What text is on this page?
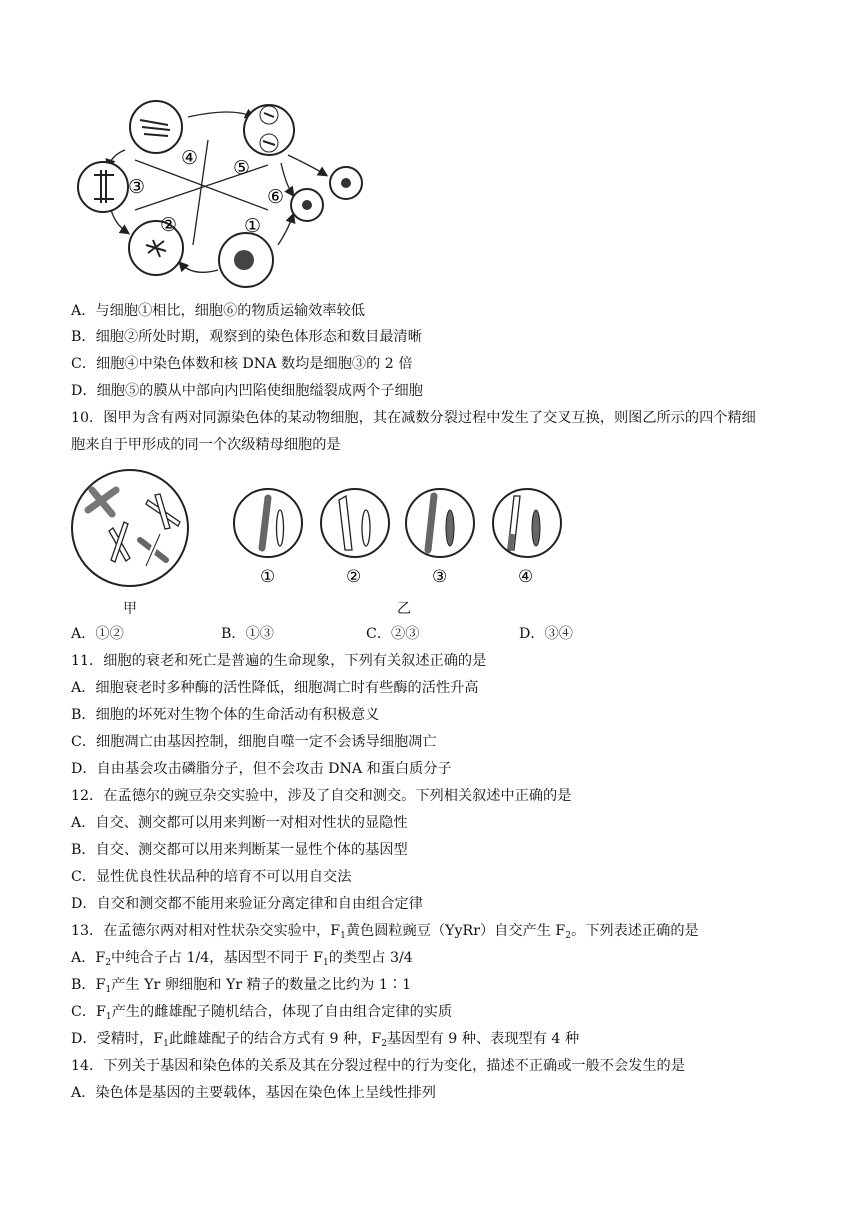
④ ⑤
③	⑥
②	①
A．与细胞①相比，细胞⑥的物质运输效率较低
B．细胞②所处时期，观察到的染色体形态和数目最清晰
C．细胞④中染色体数和核 DNA 数均是细胞③的 2 倍
D．细胞⑤的膜从中部向内凹陷使细胞缢裂成两个子细胞
10．图甲为含有两对同源染色体的某动物细胞，其在减数分裂过程中发生了交叉互换，则图乙所示的四个精细
胞来自于甲形成的同一个次级精母细胞的是
①	②	③	④
甲	乙
A．①②	B．①③	C．②③	D．③④
11．细胞的衰老和死亡是普遍的生命现象，下列有关叙述正确的是
A．细胞衰老时多种酶的活性降低，细胞凋亡时有些酶的活性升高
B．细胞的坏死对生物个体的生命活动有积极意义
C．细胞凋亡由基因控制，细胞自噬一定不会诱导细胞凋亡
D．自由基会攻击磷脂分子，但不会攻击 DNA 和蛋白质分子
12．在孟德尔的豌豆杂交实验中，涉及了自交和测交。下列相关叙述中正确的是
A．自交、测交都可以用来判断一对相对性状的显隐性
B．自交、测交都可以用来判断某一显性个体的基因型
C．显性优良性状品种的培育不可以用自交法
D．自交和测交都不能用来验证分离定律和自由组合定律
13．在孟德尔两对相对性状杂交实验中，$F_1$黄色圆粒豌豆（YyRr）自交产生 $F_2$。下列表述正确的是
A．$F_2$中纯合子占 1/4，基因型不同于 $F_1$的类型占 3/4
B．$F_1$产生 Yr 卵细胞和 Yr 精子的数量之比约为 1∶1
C．$F_1$产生的雌雄配子随机结合，体现了自由组合定律的实质
D．受精时，$F_1$此雌雄配子的结合方式有 9 种，$F_2$基因型有 9 种、表现型有 4 种
14．下列关于基因和染色体的关系及其在分裂过程中的行为变化，描述不正确或一般不会发生的是
A．染色体是基因的主要载体，基因在染色体上呈线性排列
